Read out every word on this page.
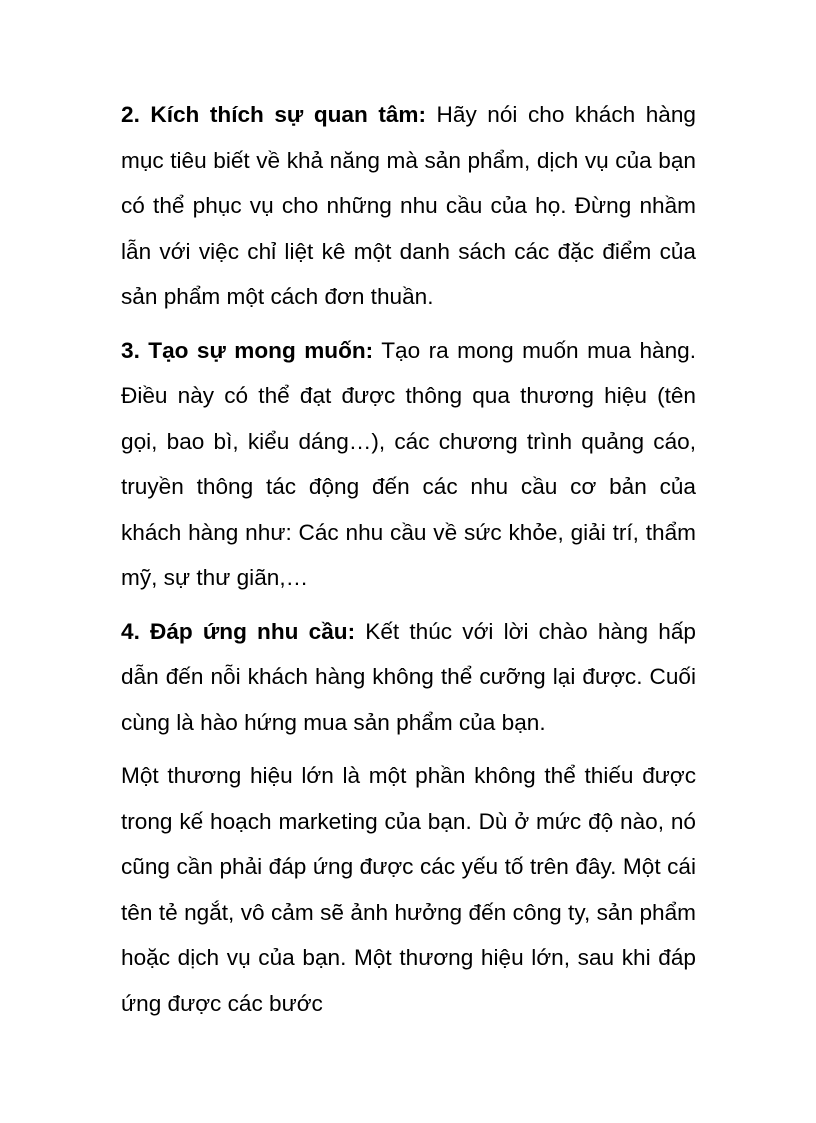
2. Kích thích sự quan tâm: Hãy nói cho khách hàng mục tiêu biết về khả năng mà sản phẩm, dịch vụ của bạn có thể phục vụ cho những nhu cầu của họ. Đừng nhầm lẫn với việc chỉ liệt kê một danh sách các đặc điểm của sản phẩm một cách đơn thuần.

3. Tạo sự mong muốn: Tạo ra mong muốn mua hàng. Điều này có thể đạt được thông qua thương hiệu (tên gọi, bao bì, kiểu dáng…), các chương trình quảng cáo, truyền thông tác động đến các nhu cầu cơ bản của khách hàng như: Các nhu cầu về sức khỏe, giải trí, thẩm mỹ, sự thư giãn,…

4. Đáp ứng nhu cầu: Kết thúc với lời chào hàng hấp dẫn đến nỗi khách hàng không thể cưỡng lại được. Cuối cùng là hào hứng mua sản phẩm của bạn.

Một thương hiệu lớn là một phần không thể thiếu được trong kế hoạch marketing của bạn. Dù ở mức độ nào, nó cũng cần phải đáp ứng được các yếu tố trên đây. Một cái tên tẻ ngắt, vô cảm sẽ ảnh hưởng đến công ty, sản phẩm hoặc dịch vụ của bạn. Một thương hiệu lớn, sau khi đáp ứng được các bước
